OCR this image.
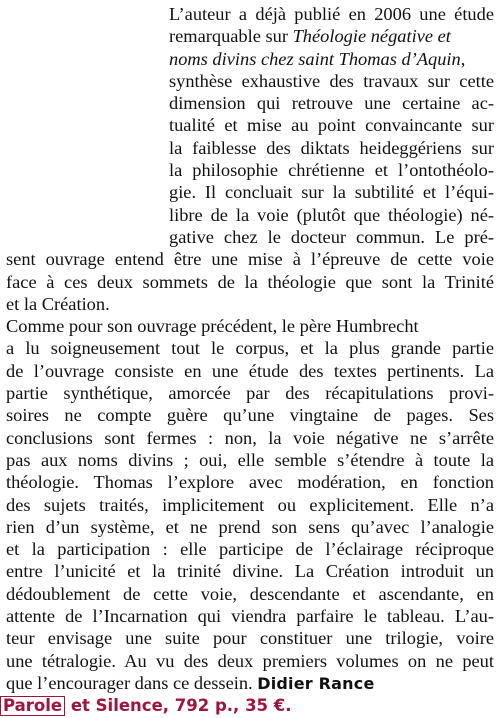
L’auteur a déjà publié en 2006 une étude
remarquable sur Théologie négative et
noms divins chez saint Thomas d’Aquin,
synthèse exhaustive des travaux sur cette
dimension qui retrouve une certaine ac-
tualité et mise au point convaincante sur
la faiblesse des diktats heideggériens sur
la philosophie chrétienne et l’ontothéolo-
gie. Il concluait sur la subtilité et l’équi-
libre de la voie (plutôt que théologie) né-
gative chez le docteur commun. Le pré-
sent ouvrage entend être une mise à l’épreuve de cette voie
face à ces deux sommets de la théologie que sont la Trinité
et la Création.
Comme pour son ouvrage précédent, le père Humbrecht
a lu soigneusement tout le corpus, et la plus grande partie
de l’ouvrage consiste en une étude des textes pertinents. La
partie synthétique, amorcée par des récapitulations provi-
soires ne compte guère qu’une vingtaine de pages. Ses
conclusions sont fermes : non, la voie négative ne s’arrête
pas aux noms divins ; oui, elle semble s’étendre à toute la
théologie. Thomas l’explore avec modération, en fonction
des sujets traités, implicitement ou explicitement. Elle n’a
rien d’un système, et ne prend son sens qu’avec l’analogie
et la participation : elle participe de l’éclairage réciproque
entre l’unicité et la trinité divine. La Création introduit un
dédoublement de cette voie, descendante et ascendante, en
attente de l’Incarnation qui viendra parfaire le tableau. L’au-
teur envisage une suite pour constituer une trilogie, voire
une tétralogie. Au vu des deux premiers volumes on ne peut
que l’encourager dans ce dessein. Didier Rance
Parole et Silence, 792 p., 35 €.
